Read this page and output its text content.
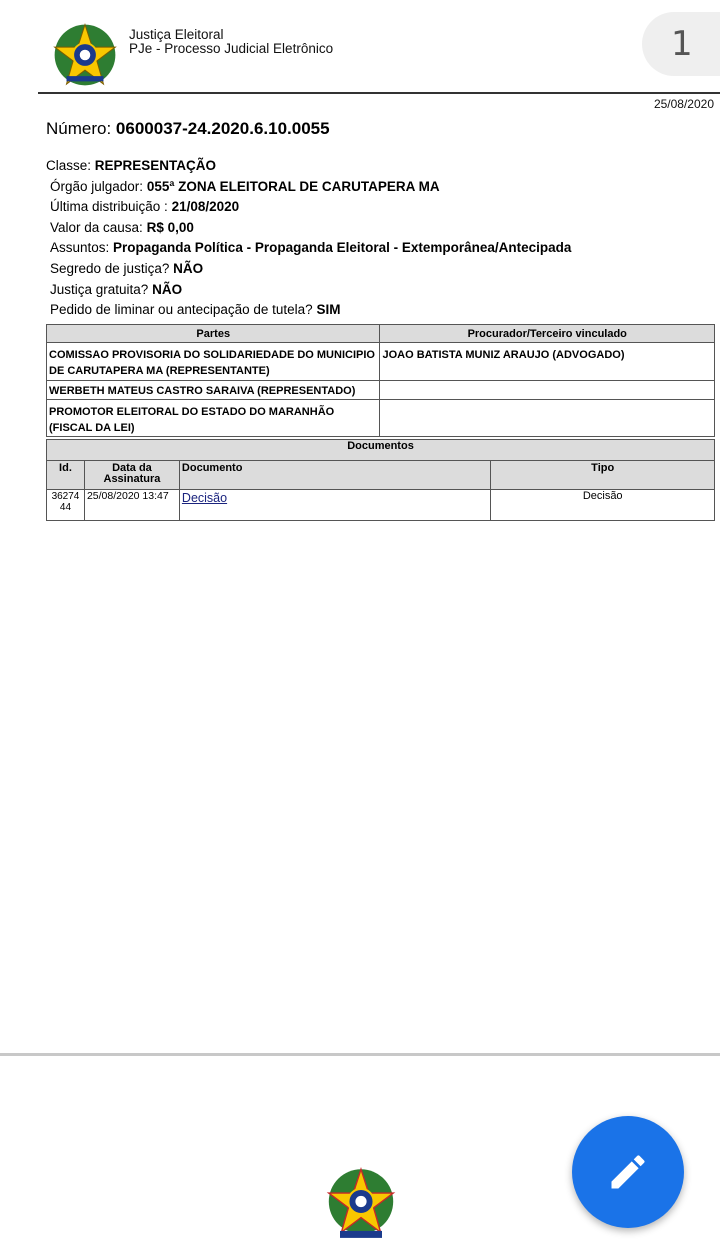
Justiça Eleitoral
PJe - Processo Judicial Eletrônico	1
25/08/2020
Número: 0600037-24.2020.6.10.0055
Classe: REPRESENTAÇÃO
Órgão julgador: 055ª ZONA ELEITORAL DE CARUTAPERA MA
Última distribuição : 21/08/2020
Valor da causa: R$ 0,00
Assuntos: Propaganda Política - Propaganda Eleitoral - Extemporânea/Antecipada
Segredo de justiça? NÃO
Justiça gratuita? NÃO
Pedido de liminar ou antecipação de tutela? SIM
Partes	Procurador/Terceiro vinculado
COMISSAO PROVISORIA DO SOLIDARIEDADE DO MUNICIPIO DE CARUTAPERA MA (REPRESENTANTE)	JOAO BATISTA MUNIZ ARAUJO (ADVOGADO)
WERBETH MATEUS CASTRO SARAIVA (REPRESENTADO)	
PROMOTOR ELEITORAL DO ESTADO DO MARANHÃO (FISCAL DA LEI)	
Documentos			
Id.	Data da Assinatura	Documento	Tipo
3627444	25/08/2020 13:47	Decisão	Decisão
